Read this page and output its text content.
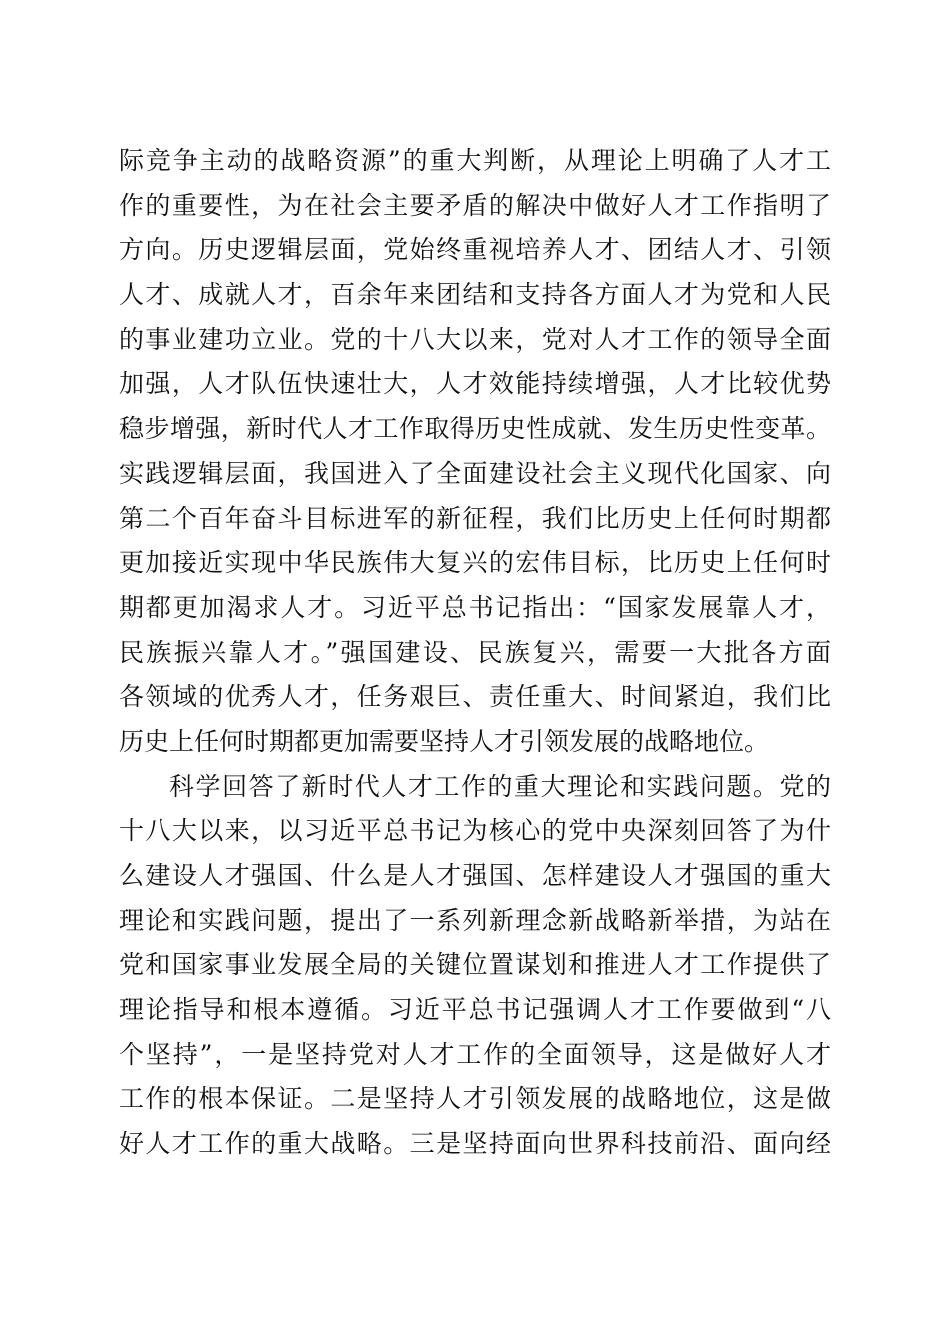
际竞争主动的战略资源”的重大判断，从理论上明确了人才工
作的重要性，为在社会主要矛盾的解决中做好人才工作指明了
方向。历史逻辑层面，党始终重视培养人才、团结人才、引领
人才、成就人才，百余年来团结和支持各方面人才为党和人民
的事业建功立业。党的十八大以来，党对人才工作的领导全面
加强，人才队伍快速壮大，人才效能持续增强，人才比较优势
稳步增强，新时代人才工作取得历史性成就、发生历史性变革。
实践逻辑层面，我国进入了全面建设社会主义现代化国家、向
第二个百年奋斗目标进军的新征程，我们比历史上任何时期都
更加接近实现中华民族伟大复兴的宏伟目标，比历史上任何时
期都更加渴求人才。习近平总书记指出：“国家发展靠人才，
民族振兴靠人才。”强国建设、民族复兴，需要一大批各方面
各领域的优秀人才，任务艰巨、责任重大、时间紧迫，我们比
历史上任何时期都更加需要坚持人才引领发展的战略地位。
科学回答了新时代人才工作的重大理论和实践问题。党的
十八大以来，以习近平总书记为核心的党中央深刻回答了为什
么建设人才强国、什么是人才强国、怎样建设人才强国的重大
理论和实践问题，提出了一系列新理念新战略新举措，为站在
党和国家事业发展全局的关键位置谋划和推进人才工作提供了
理论指导和根本遵循。习近平总书记强调人才工作要做到“八
个坚持”，一是坚持党对人才工作的全面领导，这是做好人才
工作的根本保证。二是坚持人才引领发展的战略地位，这是做
好人才工作的重大战略。三是坚持面向世界科技前沿、面向经
